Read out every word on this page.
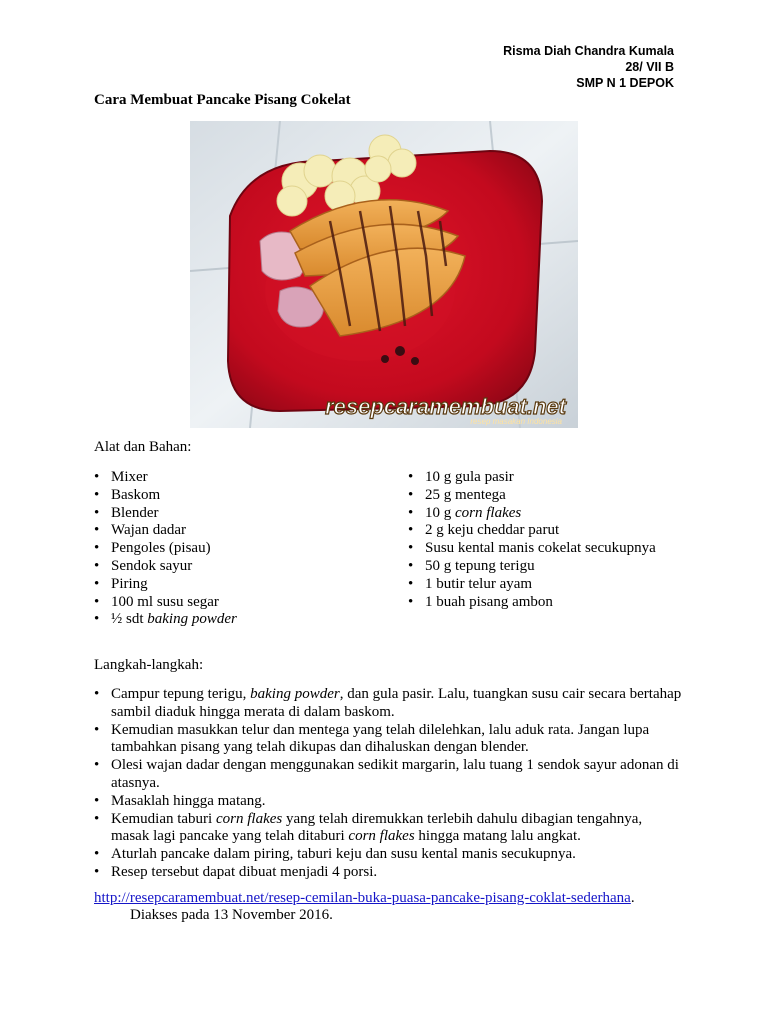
Risma Diah Chandra Kumala
28/ VII B
SMP N 1 DEPOK
Cara Membuat Pancake Pisang Cokelat
resepcaramembuat.net
resep masakan Indonesia
Alat dan Bahan:
• Mixer
• Baskom
• Blender
• Wajan dadar
• Pengoles (pisau)
• Sendok sayur
• Piring
• 100 ml susu segar
• ½ sdt baking powder
• 10 g gula pasir
• 25 g mentega
• 10 g corn flakes
• 2 g keju cheddar parut
• Susu kental manis cokelat secukupnya
• 50 g tepung terigu
• 1 butir telur ayam
• 1 buah pisang ambon
Langkah-langkah:
• Campur tepung terigu, baking powder, dan gula pasir. Lalu, tuangkan susu cair secara bertahap sambil diaduk hingga merata di dalam baskom.
• Kemudian masukkan telur dan mentega yang telah dilelehkan, lalu aduk rata. Jangan lupa tambahkan pisang yang telah dikupas dan dihaluskan dengan blender.
• Olesi wajan dadar dengan menggunakan sedikit margarin, lalu tuang 1 sendok sayur adonan di atasnya.
• Masaklah hingga matang.
• Kemudian taburi corn flakes yang telah diremukkan terlebih dahulu dibagian tengahnya, masak lagi pancake yang telah ditaburi corn flakes hingga matang lalu angkat.
• Aturlah pancake dalam piring, taburi keju dan susu kental manis secukupnya.
• Resep tersebut dapat dibuat menjadi 4 porsi.
http://resepcaramembuat.net/resep-cemilan-buka-puasa-pancake-pisang-coklat-sederhana.
Diakses pada 13 November 2016.
